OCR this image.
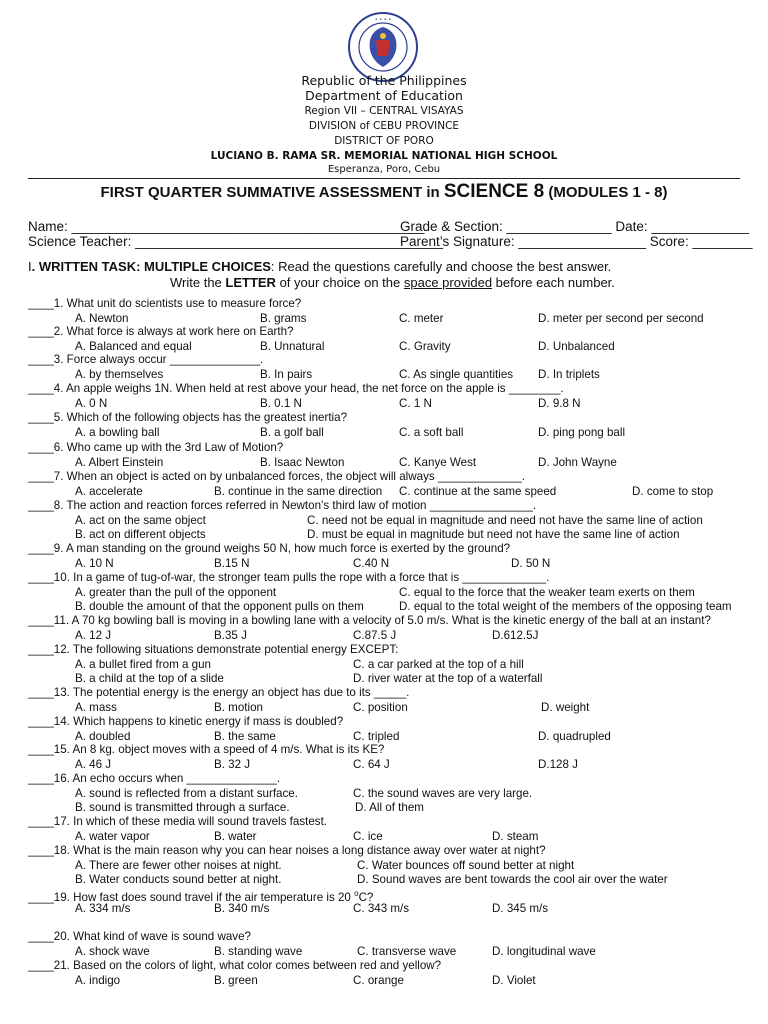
• • • •
Republic of the Philippines
Department of Education
Region VII – CENTRAL VISAYAS
DIVISION of CEBU PROVINCE
DISTRICT OF PORO
LUCIANO B. RAMA SR. MEMORIAL NATIONAL HIGH SCHOOL
Esperanza, Poro, Cebu
FIRST QUARTER SUMMATIVE ASSESSMENT in SCIENCE 8 (MODULES 1 - 8)
Name: _______________________________________________
Grade & Section: ______________ Date: _____________
Science Teacher: _________________________________________
Parent’s Signature: _________________ Score: ________
I. WRITTEN TASK: MULTIPLE CHOICES: Read the questions carefully and choose the best answer.
Write the LETTER of your choice on the space provided before each number.
____1. What unit do scientists use to measure force?
A. Newton	B. grams	C. meter	D. meter per second per second
____2. What force is always at work here on Earth?
A. Balanced and equal	B. Unnatural	C. Gravity	D. Unbalanced
____3. Force always occur ______________.
A. by themselves	B. In pairs	C. As single quantities D. In triplets
____4. An apple weighs 1N. When held at rest above your head, the net force on the apple is ________.
A. 0 N	B. 0.1 N	C. 1 N	D. 9.8 N
____5. Which of the following objects has the greatest inertia?
A. a bowling ball	B. a golf ball	C. a soft ball	D. ping pong ball
____6. Who came up with the 3rd Law of Motion?
A. Albert Einstein	B. Isaac Newton	C. Kanye West	D. John Wayne
____7. When an object is acted on by unbalanced forces, the object will always _____________.
A. accelerate	B. continue in the same direction C. continue at the same speed	D. come to stop
____8. The action and reaction forces referred in Newton’s third law of motion ________________.
A. act on the same object	C. need not be equal in magnitude and need not have the same line of action
B. act on different objects	D. must be equal in magnitude but need not have the same line of action
____9. A man standing on the ground weighs 50 N, how much force is exerted by the ground?
A. 10 N	B.15 N	C.40 N	D. 50 N
____10. In a game of tug-of-war, the stronger team pulls the rope with a force that is _____________.
A. greater than the pull of the opponent	C. equal to the force that the weaker team exerts on them
B. double the amount of that the opponent pulls on them	D. equal to the total weight of the members of the opposing team
____11. A 70 kg bowling ball is moving in a bowling lane with a velocity of 5.0 m/s. What is the kinetic energy of the ball at an instant?
A. 12 J	B.35 J	C.87.5 J	D.612.5J
____12. The following situations demonstrate potential energy EXCEPT:
A. a bullet fired from a gun	C. a car parked at the top of a hill
B. a child at the top of a slide	D. river water at the top of a waterfall
____13. The potential energy is the energy an object has due to its _____.
A. mass	B. motion	C. position	D. weight
____14. Which happens to kinetic energy if mass is doubled?
A. doubled	B. the same	C. tripled	D. quadrupled
____15. An 8 kg. object moves with a speed of 4 m/s. What is its KE?
A. 46 J	B. 32 J	C. 64 J	D.128 J
____16. An echo occurs when ______________.
A. sound is reflected from a distant surface.	C. the sound waves are very large.
B. sound is transmitted through a surface.	D. All of them
____17. In which of these media will sound travels fastest.
A. water vapor	B. water	C. ice	D. steam
____18. What is the main reason why you can hear noises a long distance away over water at night?
A. There are fewer other noises at night.	C. Water bounces off sound better at night
B. Water conducts sound better at night.	D. Sound waves are bent towards the cool air over the water
____19. How fast does sound travel if the air temperature is 20 $^o$C?
A. 334 m/s	B. 340 m/s	C. 343 m/s	D. 345 m/s
____20. What kind of wave is sound wave?
A. shock wave	B. standing wave	C. transverse wave	D. longitudinal wave
____21. Based on the colors of light, what color comes between red and yellow?
A. indigo	B. green	C. orange	D. Violet
